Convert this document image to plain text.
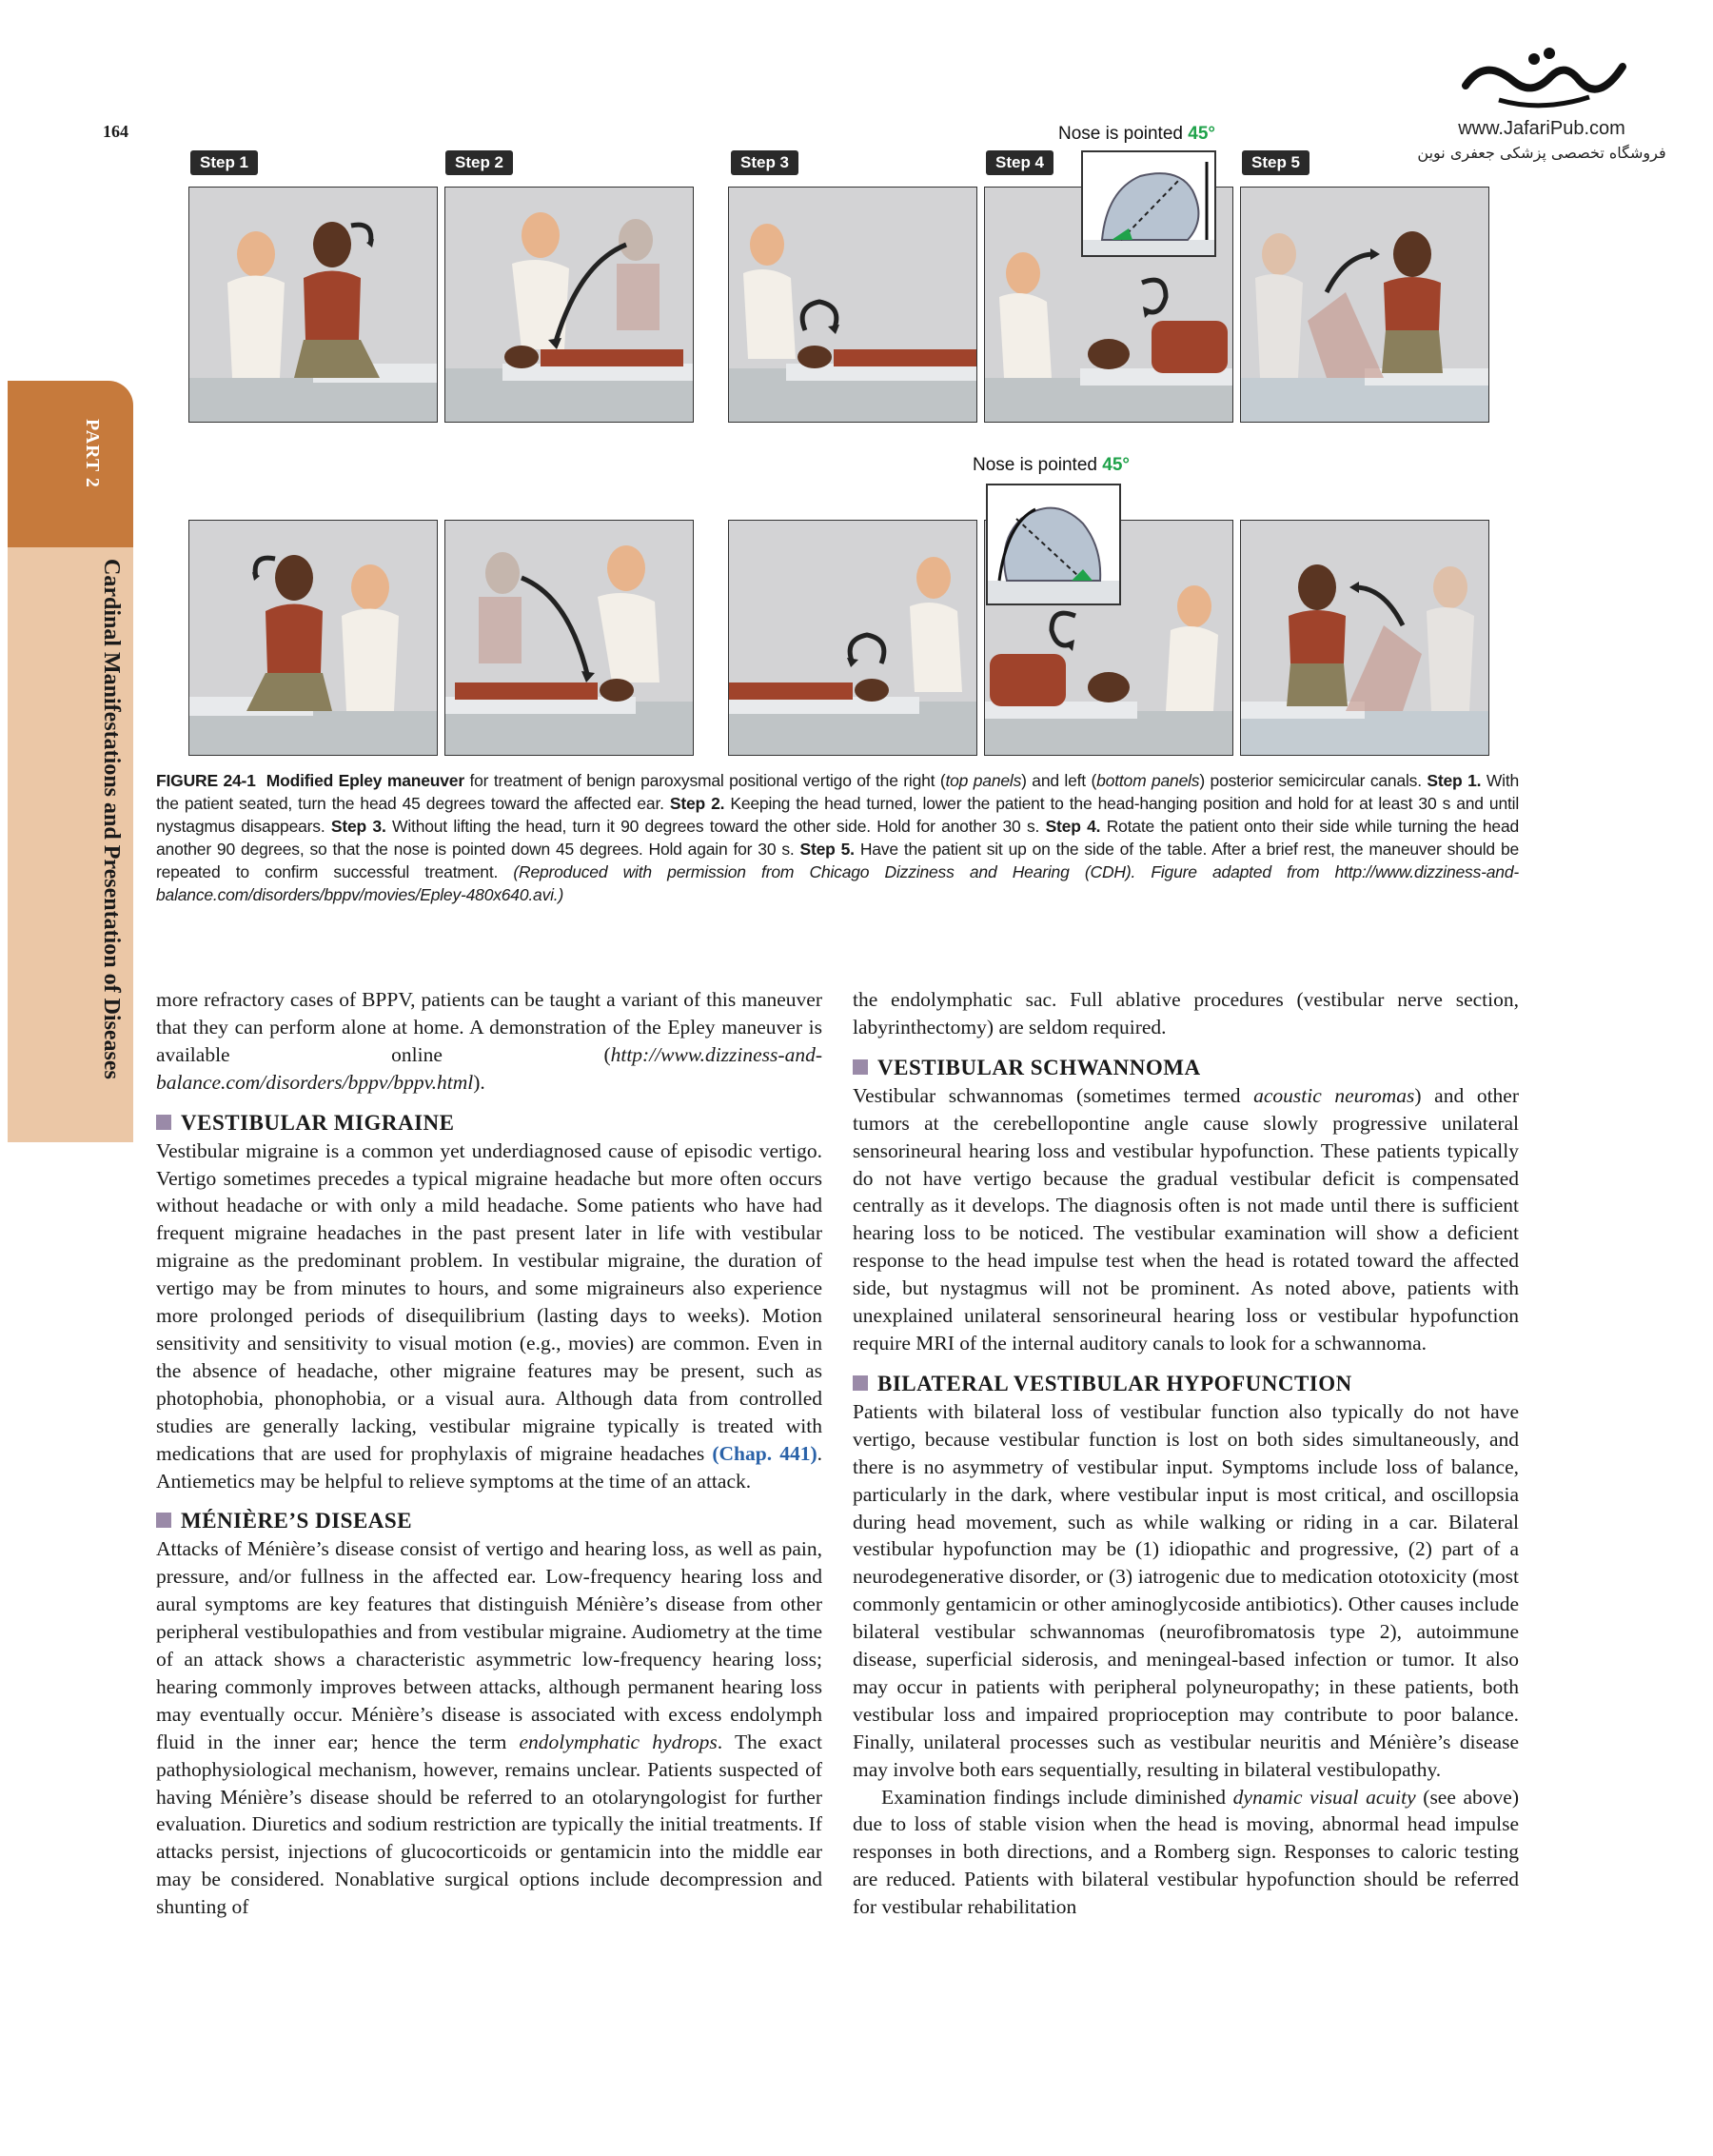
164	www.JafariPub.com
فروشگاه تخصصی پزشکی جعفری نوین
PART 2
Cardinal Manifestations and Presentation of Diseases
Step 1	Step 2	Step 3	Step 4	Step 5
Nose is pointed 45°
Nose is pointed 45°
FIGURE 24-1 Modified Epley maneuver for treatment of benign paroxysmal positional vertigo of the right (top panels) and left (bottom panels) posterior semicircular canals. Step 1. With the patient seated, turn the head 45 degrees toward the affected ear. Step 2. Keeping the head turned, lower the patient to the head-hanging position and hold for at least 30 s and until nystagmus disappears. Step 3. Without lifting the head, turn it 90 degrees toward the other side. Hold for another 30 s. Step 4. Rotate the patient onto their side while turning the head another 90 degrees, so that the nose is pointed down 45 degrees. Hold again for 30 s. Step 5. Have the patient sit up on the side of the table. After a brief rest, the maneuver should be repeated to confirm successful treatment. (Reproduced with permission from Chicago Dizziness and Hearing (CDH). Figure adapted from http://www.dizziness-and-balance.com/disorders/bppv/movies/Epley-480x640.avi.)

more refractory cases of BPPV, patients can be taught a variant of this maneuver that they can perform alone at home. A demonstration of the Epley maneuver is available online (http://www.dizziness-and-balance.com/disorders/bppv/bppv.html).

VESTIBULAR MIGRAINE

Vestibular migraine is a common yet underdiagnosed cause of episodic vertigo. Vertigo sometimes precedes a typical migraine headache but more often occurs without headache or with only a mild headache. Some patients who have had frequent migraine headaches in the past present later in life with vestibular migraine as the predominant problem. In vestibular migraine, the duration of vertigo may be from minutes to hours, and some migraineurs also experience more prolonged periods of disequilibrium (lasting days to weeks). Motion sensitivity and sensitivity to visual motion (e.g., movies) are common. Even in the absence of headache, other migraine features may be present, such as photophobia, phonophobia, or a visual aura. Although data from controlled studies are generally lacking, vestibular migraine typically is treated with medications that are used for prophylaxis of migraine headaches (Chap. 441). Antiemetics may be helpful to relieve symptoms at the time of an attack.

MÉNIÈRE’S DISEASE

Attacks of Ménière’s disease consist of vertigo and hearing loss, as well as pain, pressure, and/or fullness in the affected ear. Low-frequency hearing loss and aural symptoms are key features that distinguish Ménière’s disease from other peripheral vestibulopathies and from vestibular migraine. Audiometry at the time of an attack shows a characteristic asymmetric low-frequency hearing loss; hearing commonly improves between attacks, although permanent hearing loss may eventually occur. Ménière’s disease is associated with excess endolymph fluid in the inner ear; hence the term endolymphatic hydrops. The exact pathophysiological mechanism, however, remains unclear. Patients suspected of having Ménière’s disease should be referred to an otolaryngologist for further evaluation. Diuretics and sodium restriction are typically the initial treatments. If attacks persist, injections of glucocorticoids or gentamicin into the middle ear may be considered. Nonablative surgical options include decompression and shunting of

the endolymphatic sac. Full ablative procedures (vestibular nerve section, labyrinthectomy) are seldom required.

VESTIBULAR SCHWANNOMA

Vestibular schwannomas (sometimes termed acoustic neuromas) and other tumors at the cerebellopontine angle cause slowly progressive unilateral sensorineural hearing loss and vestibular hypofunction. These patients typically do not have vertigo because the gradual vestibular deficit is compensated centrally as it develops. The diagnosis often is not made until there is sufficient hearing loss to be noticed. The vestibular examination will show a deficient response to the head impulse test when the head is rotated toward the affected side, but nystagmus will not be prominent. As noted above, patients with unexplained unilateral sensorineural hearing loss or vestibular hypofunction require MRI of the internal auditory canals to look for a schwannoma.

BILATERAL VESTIBULAR HYPOFUNCTION

Patients with bilateral loss of vestibular function also typically do not have vertigo, because vestibular function is lost on both sides simultaneously, and there is no asymmetry of vestibular input. Symptoms include loss of balance, particularly in the dark, where vestibular input is most critical, and oscillopsia during head movement, such as while walking or riding in a car. Bilateral vestibular hypofunction may be (1) idiopathic and progressive, (2) part of a neurodegenerative disorder, or (3) iatrogenic due to medication ototoxicity (most commonly gentamicin or other aminoglycoside antibiotics). Other causes include bilateral vestibular schwannomas (neurofibromatosis type 2), autoimmune disease, superficial siderosis, and meningeal-based infection or tumor. It also may occur in patients with peripheral polyneuropathy; in these patients, both vestibular loss and impaired proprioception may contribute to poor balance. Finally, unilateral processes such as vestibular neuritis and Ménière’s disease may involve both ears sequentially, resulting in bilateral vestibulopathy.

Examination findings include diminished dynamic visual acuity (see above) due to loss of stable vision when the head is moving, abnormal head impulse responses in both directions, and a Romberg sign. Responses to caloric testing are reduced. Patients with bilateral vestibular hypofunction should be referred for vestibular rehabilitation
